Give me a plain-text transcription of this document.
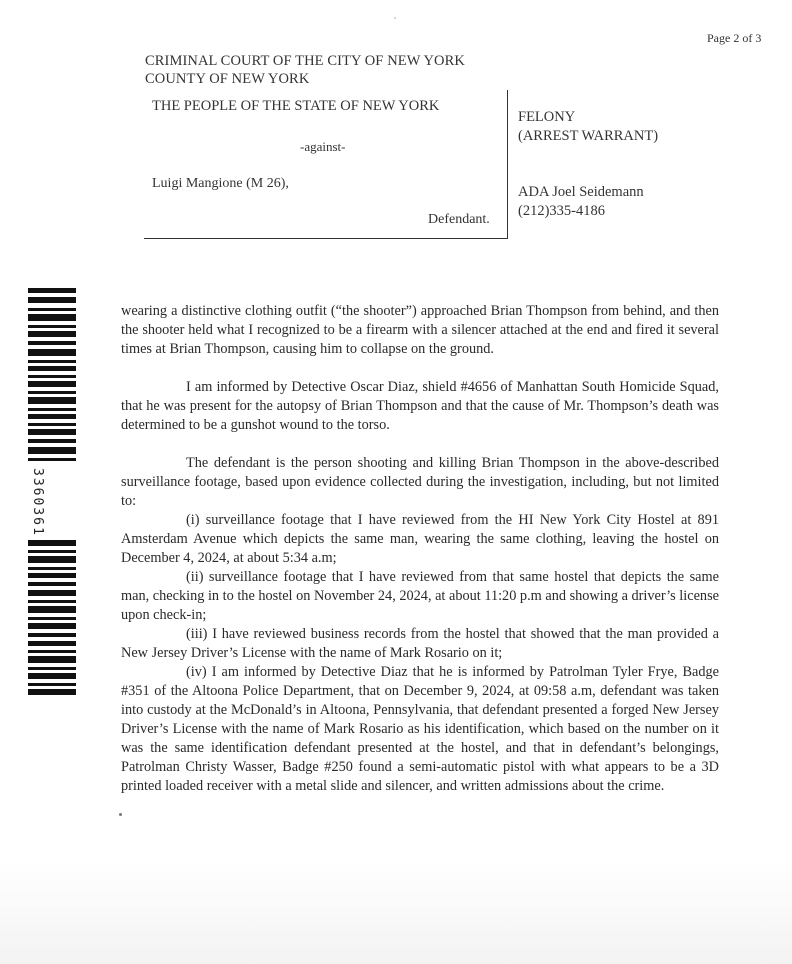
Page 2 of 3
CRIMINAL COURT OF THE CITY OF NEW YORK
COUNTY OF NEW YORK
THE PEOPLE OF THE STATE OF NEW YORK
-against-
Luigi Mangione (M 26),
Defendant.
FELONY
(ARREST WARRANT)
ADA Joel Seidemann
(212)335-4186
3360361

wearing a distinctive clothing outfit (“the shooter”) approached Brian Thompson from behind, and then the shooter held what I recognized to be a firearm with a silencer attached at the end and fired it several times at Brian Thompson, causing him to collapse on the ground.

I am informed by Detective Oscar Diaz, shield #4656 of Manhattan South Homicide Squad, that he was present for the autopsy of Brian Thompson and that the cause of Mr. Thompson’s death was determined to be a gunshot wound to the torso.

The defendant is the person shooting and killing Brian Thompson in the above-described surveillance footage, based upon evidence collected during the investigation, including, but not limited to:

(i) surveillance footage that I have reviewed from the HI New York City Hostel at 891 Amsterdam Avenue which depicts the same man, wearing the same clothing, leaving the hostel on December 4, 2024, at about 5:34 a.m;

(ii) surveillance footage that I have reviewed from that same hostel that depicts the same man, checking in to the hostel on November 24, 2024, at about 11:20 p.m and showing a driver’s license upon check-in;

(iii) I have reviewed business records from the hostel that showed that the man provided a New Jersey Driver’s License with the name of Mark Rosario on it;

(iv) I am informed by Detective Diaz that he is informed by Patrolman Tyler Frye, Badge #351 of the Altoona Police Department, that on December 9, 2024, at 09:58 a.m, defendant was taken into custody at the McDonald’s in Altoona, Pennsylvania, that defendant presented a forged New Jersey Driver’s License with the name of Mark Rosario as his identification, which based on the number on it was the same identification defendant presented at the hostel, and that in defendant’s belongings, Patrolman Christy Wasser, Badge #250 found a semi-automatic pistol with what appears to be a 3D printed loaded receiver with a metal slide and silencer, and written admissions about the crime.
